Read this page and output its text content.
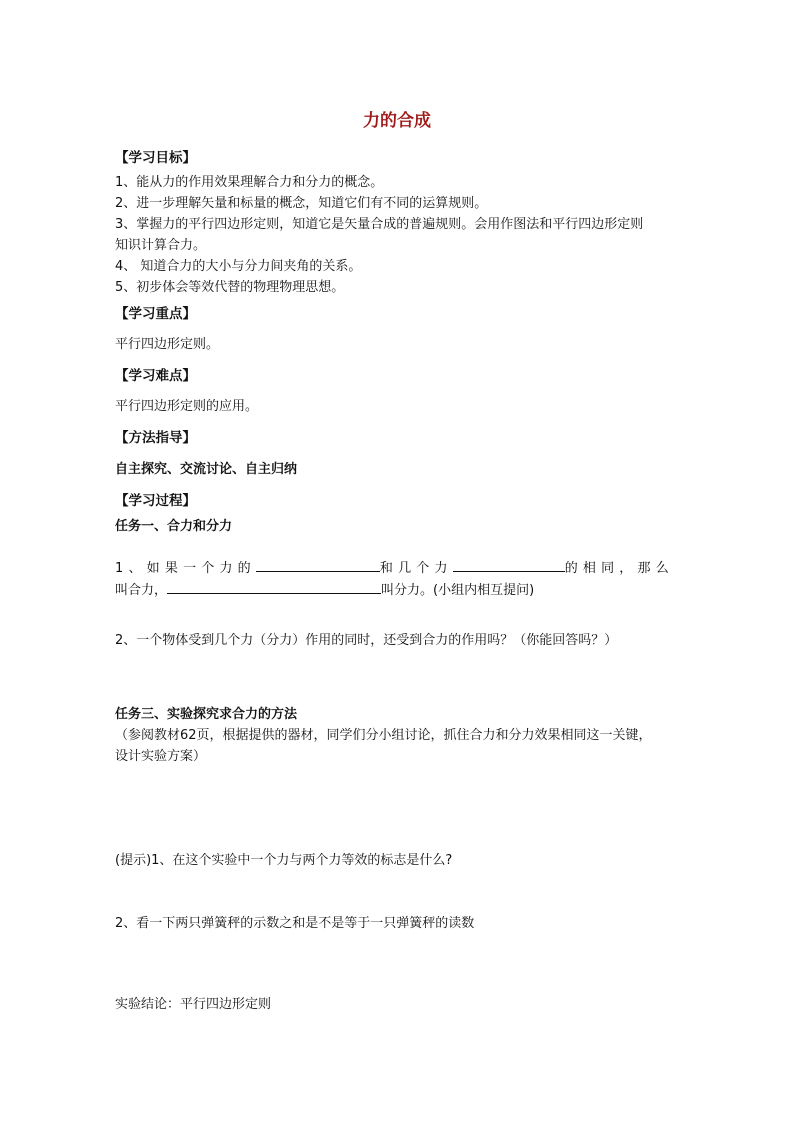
力的合成
【学习目标】
1、能从力的作用效果理解合力和分力的概念。
2、进一步理解矢量和标量的概念，知道它们有不同的运算规则。
3、掌握力的平行四边形定则，知道它是矢量合成的普遍规则。会用作图法和平行四边形定则
知识计算合力。
4、 知道合力的大小与分力间夹角的关系。
5、初步体会等效代替的物理物理思想。
【学习重点】
平行四边形定则。
【学习难点】
平行四边形定则的应用。
【方法指导】
自主探究、交流讨论、自主归纳
【学习过程】
任务一、合力和分力
1、如果一个力的	和几个力	的相同，那么
叫合力，	叫分力。(小组内相互提问)
2、一个物体受到几个力（分力）作用的同时，还受到合力的作用吗？（你能回答吗？）
任务三、实验探究求合力的方法
（参阅教材62页，根据提供的器材，同学们分小组讨论，抓住合力和分力效果相同这一关键，
设计实验方案）
(提示)1、在这个实验中一个力与两个力等效的标志是什么?
2、看一下两只弹簧秤的示数之和是不是等于一只弹簧秤的读数
实验结论：平行四边形定则
